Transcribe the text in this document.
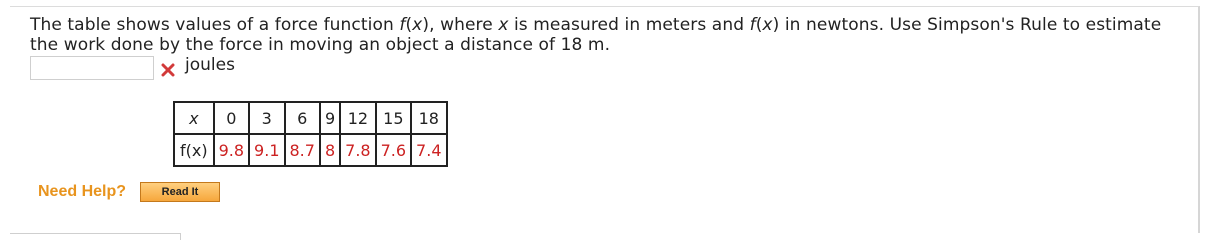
The table shows values of a force function f(x), where x is measured in meters and f(x) in newtons. Use Simpson's Rule to estimate the work done by the force in moving an object a distance of 18 m.
joules
x	0	3	6	9	12	15	18
f(x)	9.8	9.1	8.7	8	7.8	7.6	7.4
Need Help?	Read It
